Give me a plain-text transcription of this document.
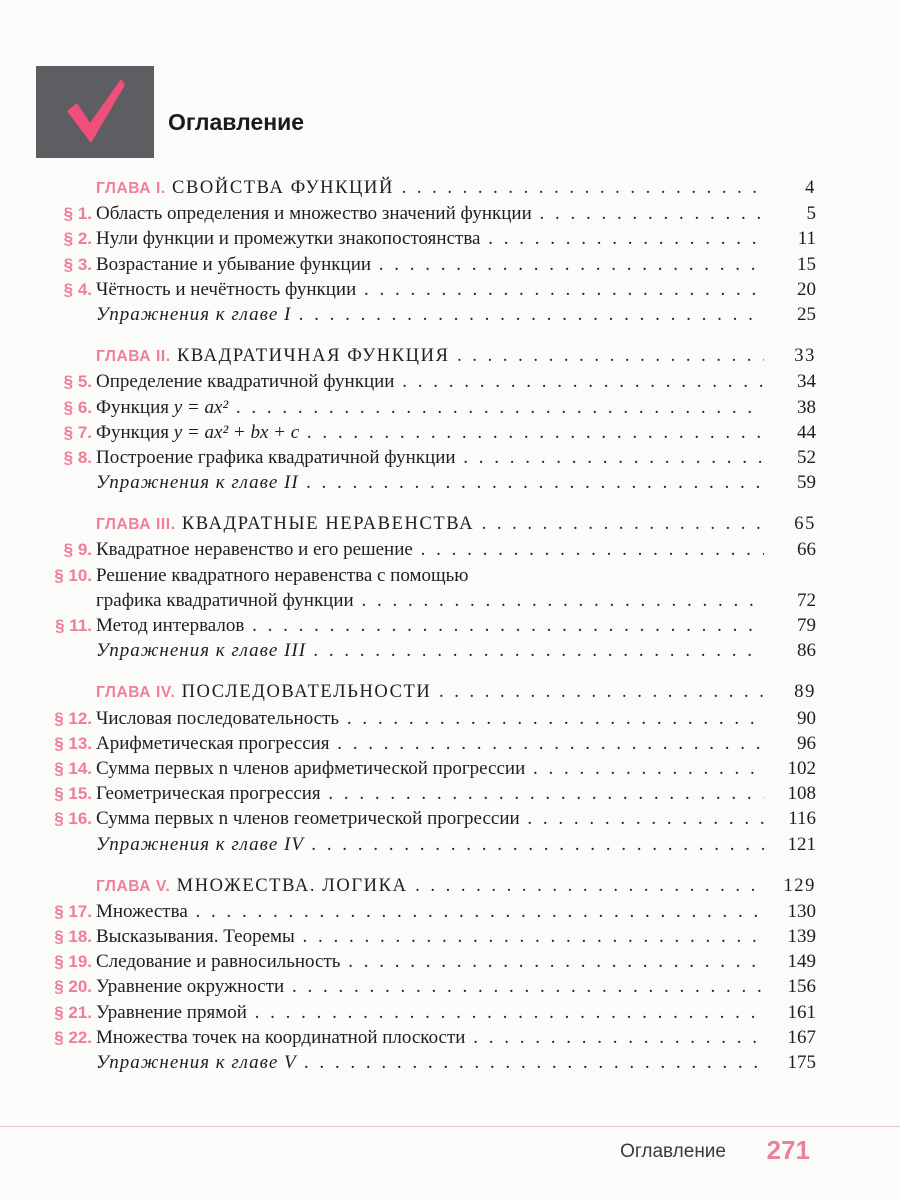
Оглавление
ГЛАВА I. СВОЙСТВА ФУНКЦИЙ . . .	4
§ 1. Область определения и множество значений функции . . .	5
§ 2. Нули функции и промежутки знакопостоянства . . .	11
§ 3. Возрастание и убывание функции . . .	15
§ 4. Чётность и нечётность функции . . .	20
Упражнения к главе I . . .	25
ГЛАВА II. КВАДРАТИЧНАЯ ФУНКЦИЯ . . .	33
§ 5. Определение квадратичной функции . . .	34
§ 6. Функция y = ax² . . .	38
§ 7. Функция y = ax² + bx + c . . .	44
§ 8. Построение графика квадратичной функции . . .	52
Упражнения к главе II . . .	59
ГЛАВА III. КВАДРАТНЫЕ НЕРАВЕНСТВА . . .	65
§ 9. Квадратное неравенство и его решение . . .	66
§ 10. Решение квадратного неравенства с помощью
графика квадратичной функции . . .	72
§ 11. Метод интервалов . . .	79
Упражнения к главе III . . .	86
ГЛАВА IV. ПОСЛЕДОВАТЕЛЬНОСТИ . . .	89
§ 12. Числовая последовательность . . .	90
§ 13. Арифметическая прогрессия . . .	96
§ 14. Сумма первых n членов арифметической прогрессии . . .	102
§ 15. Геометрическая прогрессия . . .	108
§ 16. Сумма первых n членов геометрической прогрессии . . .	116
Упражнения к главе IV . . .	121
ГЛАВА V. МНОЖЕСТВА. ЛОГИКА . . .	129
§ 17. Множества . . .	130
§ 18. Высказывания. Теоремы . . .	139
§ 19. Следование и равносильность . . .	149
§ 20. Уравнение окружности . . .	156
§ 21. Уравнение прямой . . .	161
§ 22. Множества точек на координатной плоскости . . .	167
Упражнения к главе V . . .	175
Оглавление 271
